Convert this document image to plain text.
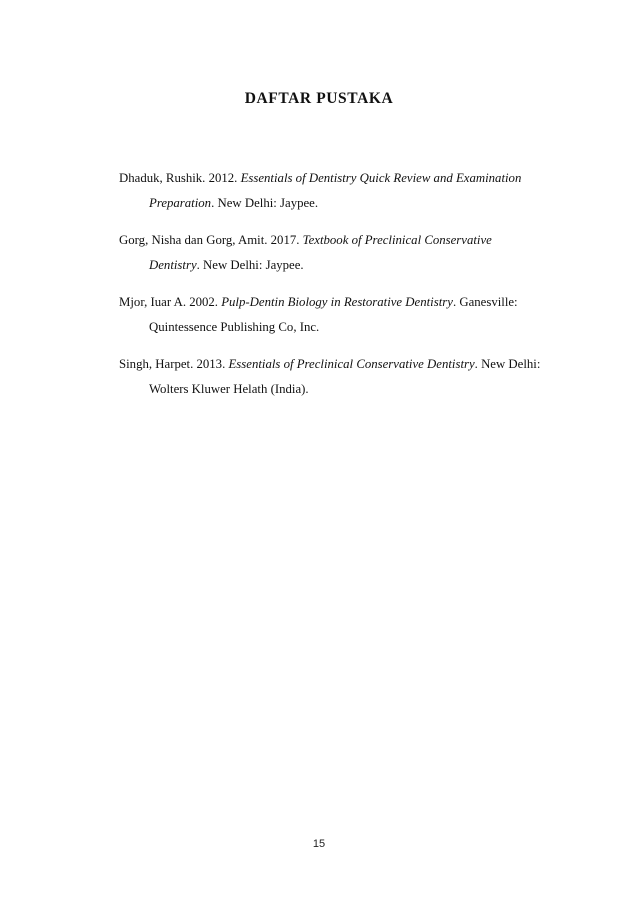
DAFTAR PUSTAKA

Dhaduk, Rushik. 2012. Essentials of Dentistry Quick Review and Examination
Preparation. New Delhi: Jaypee.

Gorg, Nisha dan Gorg, Amit. 2017. Textbook of Preclinical Conservative
Dentistry. New Delhi: Jaypee.

Mjor, Iuar A. 2002. Pulp-Dentin Biology in Restorative Dentistry. Ganesville:
Quintessence Publishing Co, Inc.

Singh, Harpet. 2013. Essentials of Preclinical Conservative Dentistry. New Delhi:
Wolters Kluwer Helath (India).

15
